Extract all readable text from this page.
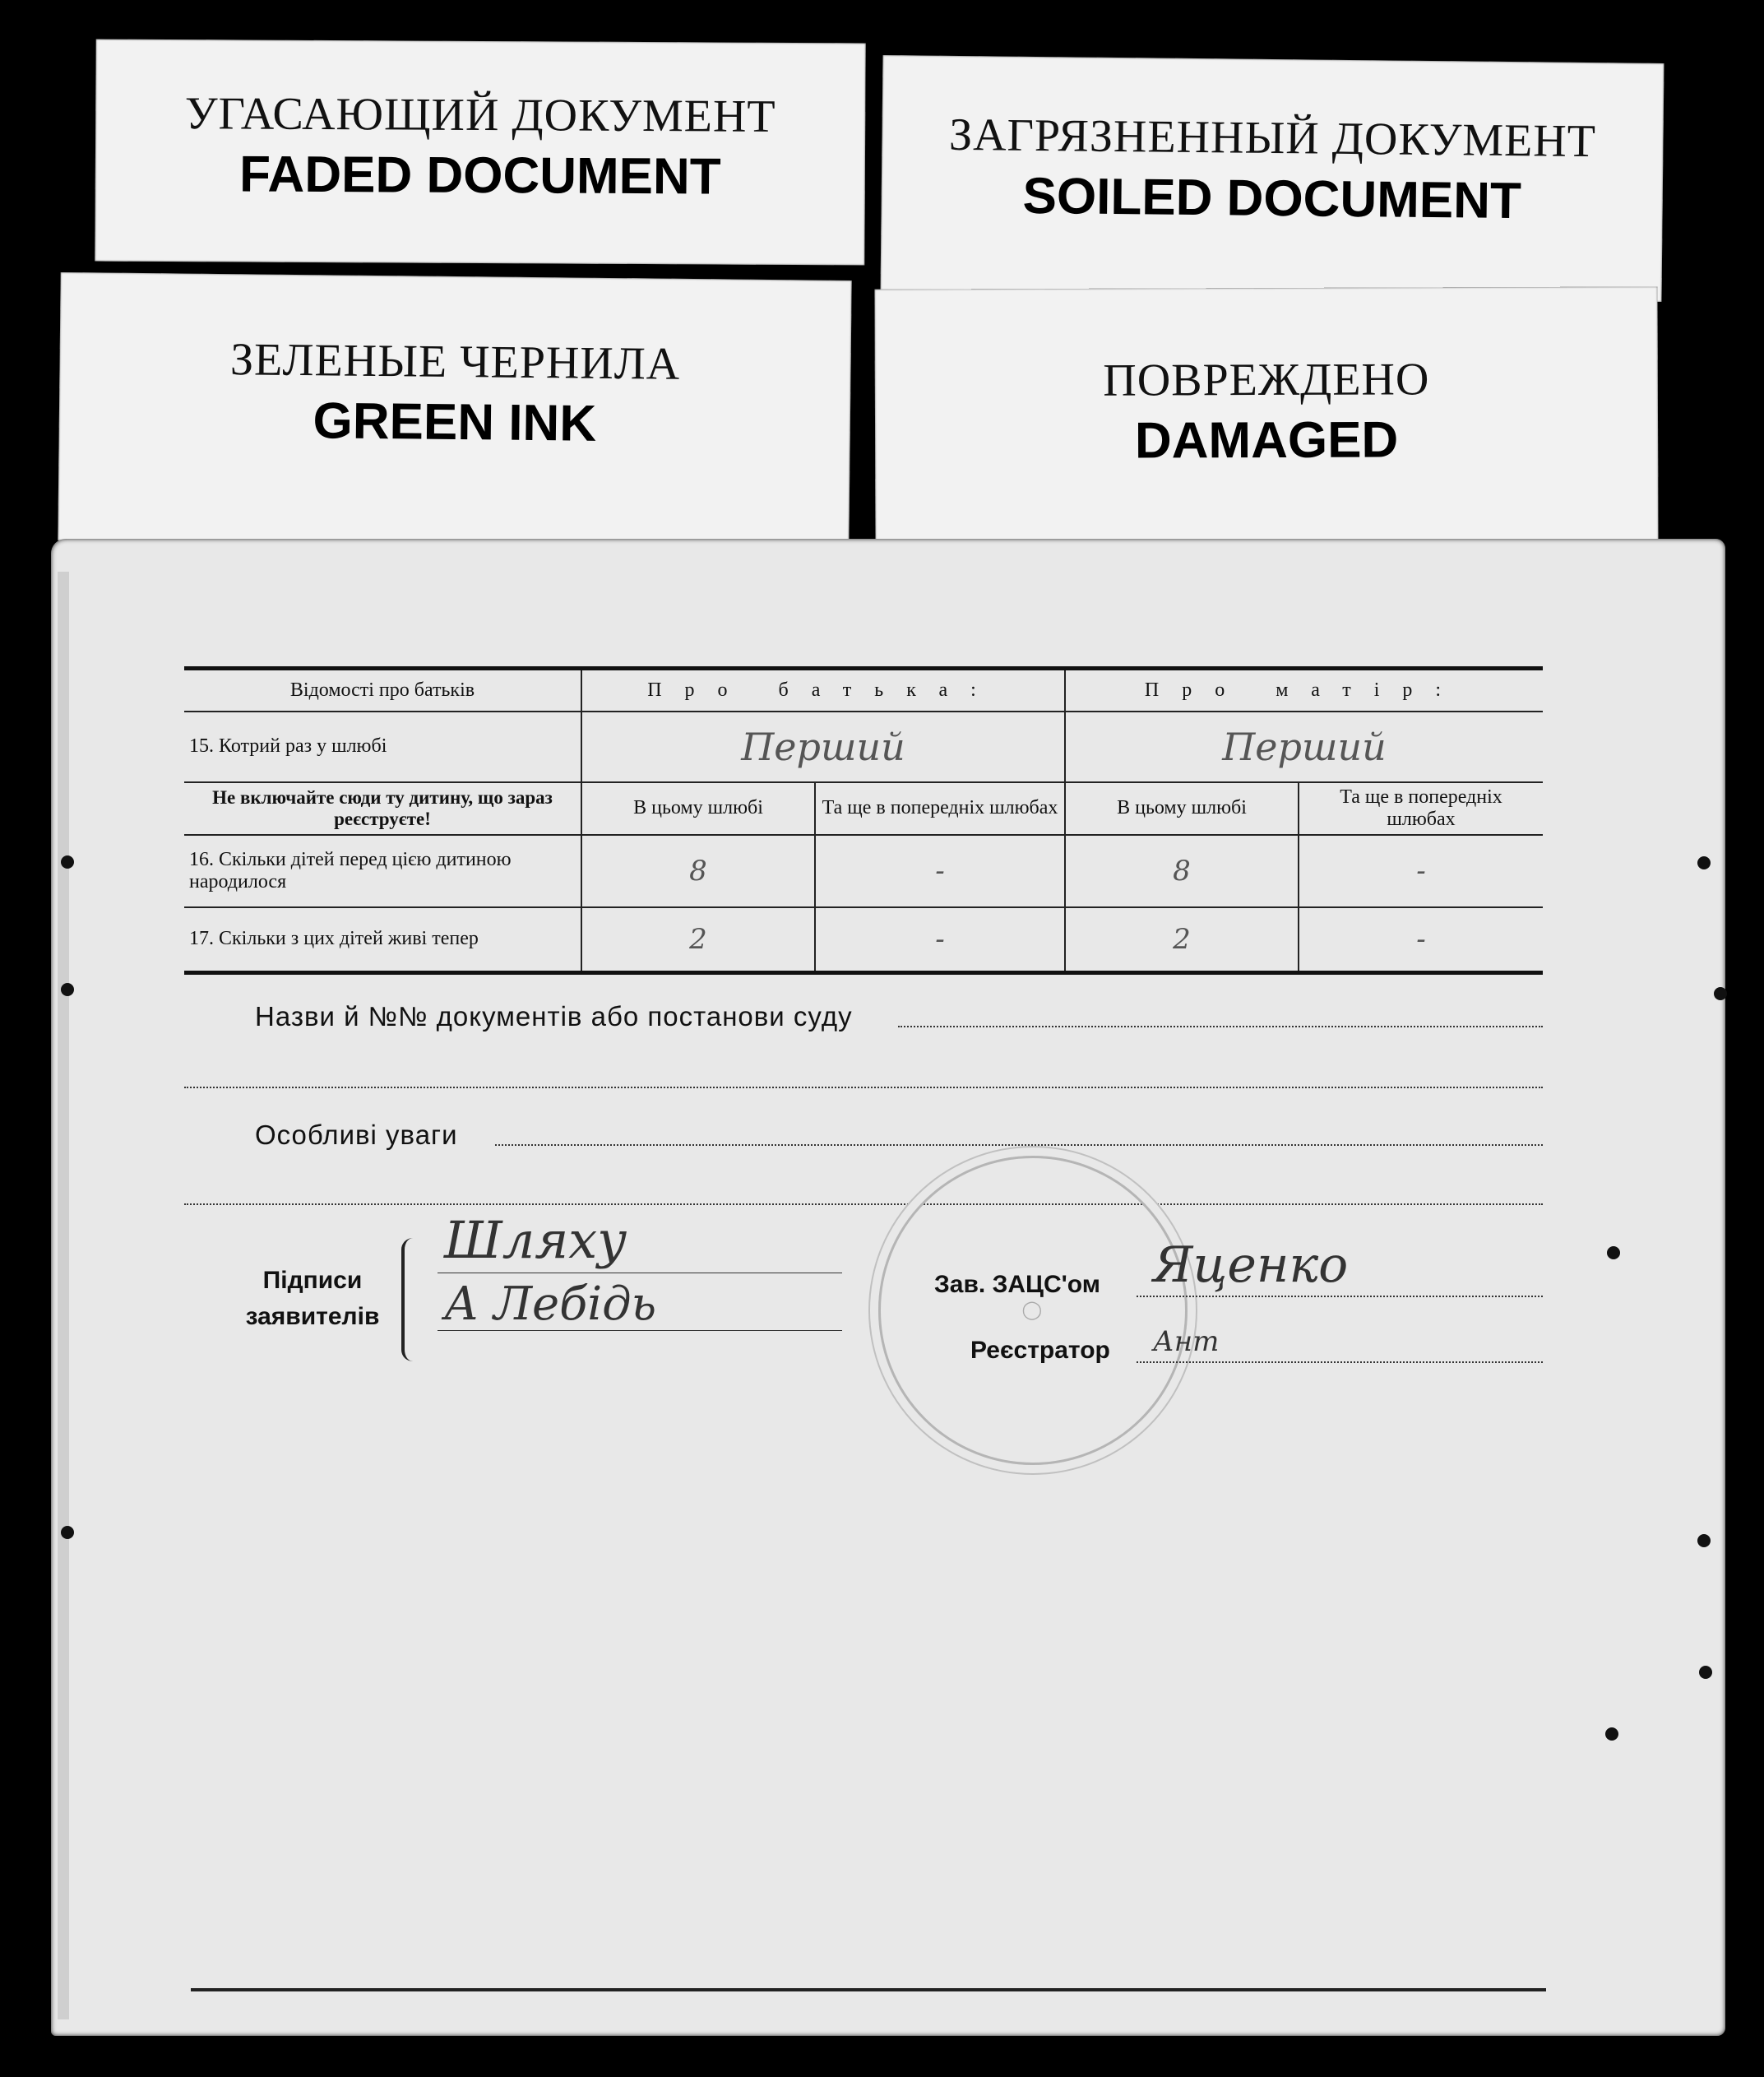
УГАСАЮЩИЙ ДОКУМЕНТ
FADED DOCUMENT
ЗАГРЯЗНЕННЫЙ ДОКУМЕНТ
SOILED DOCUMENT
ЗЕЛЕНЫЕ ЧЕРНИЛА
GREEN INK
ПОВРЕЖДЕНО
DAMAGED
Відомості про батьків	Про батька:		Про матір:	
15. Котрий раз у шлюбі	Перший		Перший	
Не включайте сюди ту дитину, що зараз реєструєте!	В цьому шлюбі	Та ще в попередніх шлюбах	В цьому шлюбі	Та ще в попередніх шлюбах
16. Скільки дітей перед цією дитиною народилося	8	-	8	-
17. Скільки з цих дітей живі тепер	2	-	2	-
Назви й №№ документів або постанови суду
Особливі уваги
Підписи заявителів
Шляху
А Лебідь	◯
Зав. ЗАЦС'ом Яценко
Реєстратор Ант
